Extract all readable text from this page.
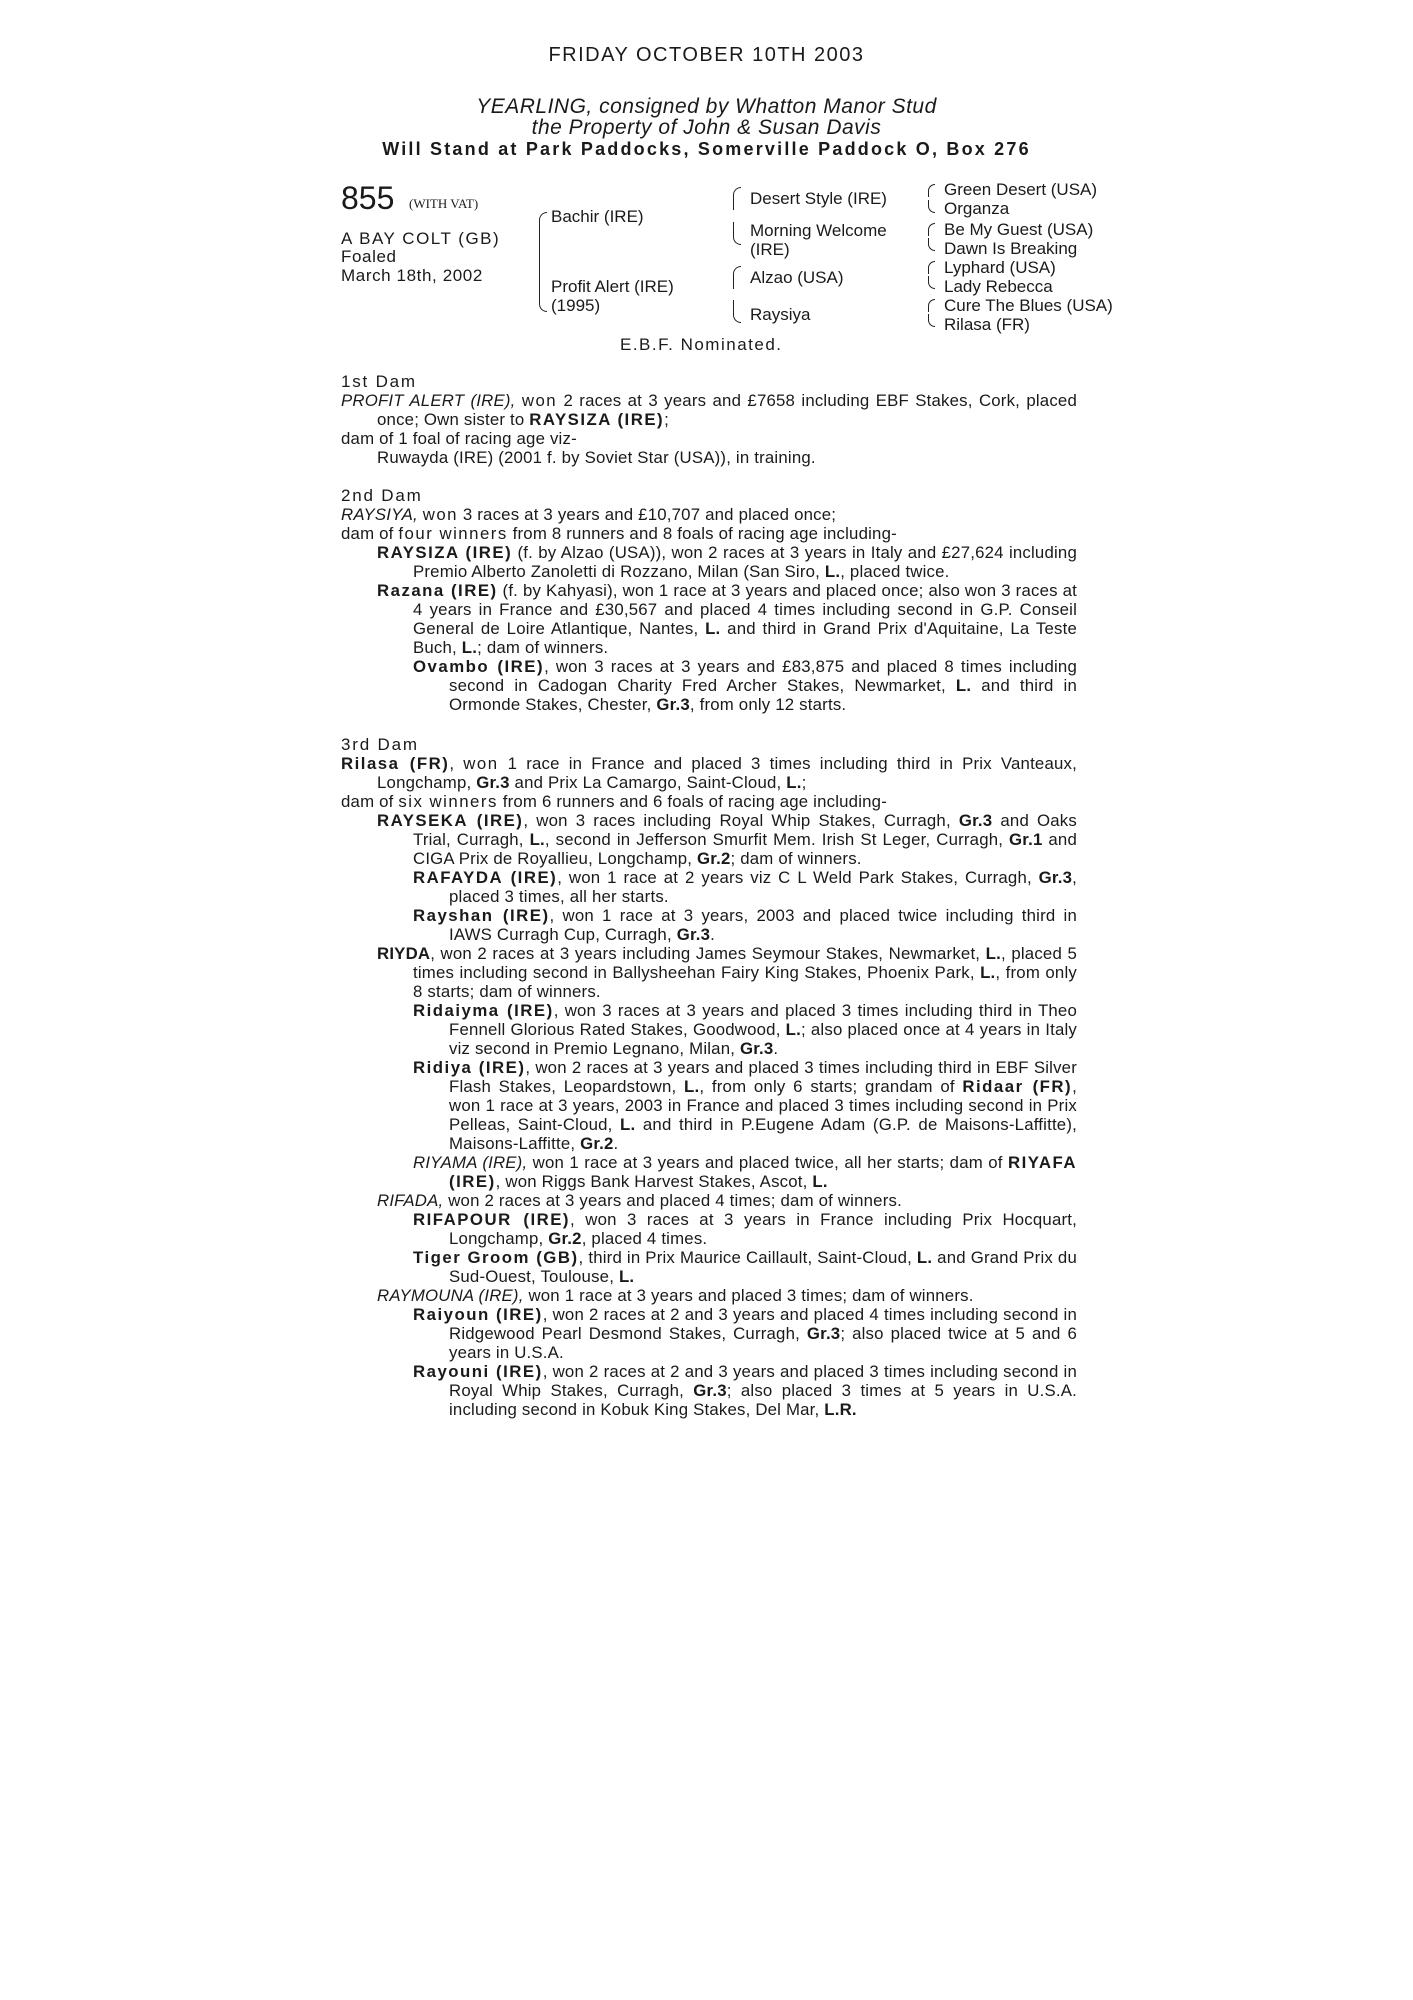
FRIDAY OCTOBER 10TH 2003
YEARLING, consigned by Whatton Manor Stud
the Property of John & Susan Davis
Will Stand at Park Paddocks, Somerville Paddock O, Box 276
855 (WITH VAT)
A BAY COLT (GB)
Foaled
March 18th, 2002
Bachir (IRE)
Profit Alert (IRE)
(1995)
Desert Style (IRE)
Morning Welcome
(IRE)
Alzao (USA)
Raysiya
Green Desert (USA)
Organza
Be My Guest (USA)
Dawn Is Breaking
Lyphard (USA)
Lady Rebecca
Cure The Blues (USA)
Rilasa (FR)
E.B.F. Nominated.

1st Dam

PROFIT ALERT (IRE), won 2 races at 3 years and £7658 including EBF Stakes, Cork, placed once; Own sister to RAYSIZA (IRE);

dam of 1 foal of racing age viz-

Ruwayda (IRE) (2001 f. by Soviet Star (USA)), in training.

2nd Dam

RAYSIYA, won 3 races at 3 years and £10,707 and placed once;

dam of four winners from 8 runners and 8 foals of racing age including-

RAYSIZA (IRE) (f. by Alzao (USA)), won 2 races at 3 years in Italy and £27,624 including Premio Alberto Zanoletti di Rozzano, Milan (San Siro, L., placed twice.

Razana (IRE) (f. by Kahyasi), won 1 race at 3 years and placed once; also won 3 races at 4 years in France and £30,567 and placed 4 times including second in G.P. Conseil General de Loire Atlantique, Nantes, L. and third in Grand Prix d'Aquitaine, La Teste Buch, L.; dam of winners.

Ovambo (IRE), won 3 races at 3 years and £83,875 and placed 8 times including second in Cadogan Charity Fred Archer Stakes, Newmarket, L. and third in Ormonde Stakes, Chester, Gr.3, from only 12 starts.

3rd Dam

Rilasa (FR), won 1 race in France and placed 3 times including third in Prix Vanteaux, Longchamp, Gr.3 and Prix La Camargo, Saint-Cloud, L.;

dam of six winners from 6 runners and 6 foals of racing age including-

RAYSEKA (IRE), won 3 races including Royal Whip Stakes, Curragh, Gr.3 and Oaks Trial, Curragh, L., second in Jefferson Smurfit Mem. Irish St Leger, Curragh, Gr.1 and CIGA Prix de Royallieu, Longchamp, Gr.2; dam of winners.

RAFAYDA (IRE), won 1 race at 2 years viz C L Weld Park Stakes, Curragh, Gr.3, placed 3 times, all her starts.

Rayshan (IRE), won 1 race at 3 years, 2003 and placed twice including third in IAWS Curragh Cup, Curragh, Gr.3.

RIYDA, won 2 races at 3 years including James Seymour Stakes, Newmarket, L., placed 5 times including second in Ballysheehan Fairy King Stakes, Phoenix Park, L., from only 8 starts; dam of winners.

Ridaiyma (IRE), won 3 races at 3 years and placed 3 times including third in Theo Fennell Glorious Rated Stakes, Goodwood, L.; also placed once at 4 years in Italy viz second in Premio Legnano, Milan, Gr.3.

Ridiya (IRE), won 2 races at 3 years and placed 3 times including third in EBF Silver Flash Stakes, Leopardstown, L., from only 6 starts; grandam of Ridaar (FR), won 1 race at 3 years, 2003 in France and placed 3 times including second in Prix Pelleas, Saint-Cloud, L. and third in P.Eugene Adam (G.P. de Maisons-Laffitte), Maisons-Laffitte, Gr.2.

RIYAMA (IRE), won 1 race at 3 years and placed twice, all her starts; dam of RIYAFA (IRE), won Riggs Bank Harvest Stakes, Ascot, L.

RIFADA, won 2 races at 3 years and placed 4 times; dam of winners.

RIFAPOUR (IRE), won 3 races at 3 years in France including Prix Hocquart, Longchamp, Gr.2, placed 4 times.

Tiger Groom (GB), third in Prix Maurice Caillault, Saint-Cloud, L. and Grand Prix du Sud-Ouest, Toulouse, L.

RAYMOUNA (IRE), won 1 race at 3 years and placed 3 times; dam of winners.

Raiyoun (IRE), won 2 races at 2 and 3 years and placed 4 times including second in Ridgewood Pearl Desmond Stakes, Curragh, Gr.3; also placed twice at 5 and 6 years in U.S.A.

Rayouni (IRE), won 2 races at 2 and 3 years and placed 3 times including second in Royal Whip Stakes, Curragh, Gr.3; also placed 3 times at 5 years in U.S.A. including second in Kobuk King Stakes, Del Mar, L.R.
